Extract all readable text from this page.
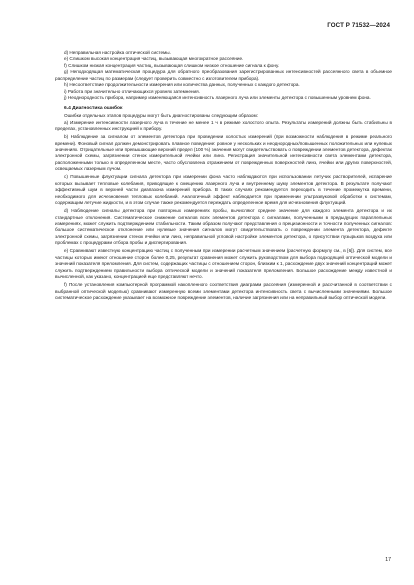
ГОСТ Р 71532—2024

d) Неправильная настройка оптической системы.

e) Слишком высокая концентрация частиц, вызывающая многократное рассеяние.

f) Слишком низкая концентрация частиц, вызывающая слишком низкое отношение сигнала к фону.

g) Неподходящая математическая процедура для обратного преобразования зарегистрированных интенсивностей рассеянного света в объемное распределение частиц по размерам (следует проверить совместно с изготовителем прибора).

h) Несоответствие продолжительности измерения или количества данных, полученных с каждого детектора.

i) Работа при значительно отличающихся уровнях затемнения.

j) Неоднородность прибора, например изменяющаяся интенсивность лазерного луча или элементы детектора с повышенным уровнем фона.

6.4 Диагностика ошибок

Ошибки отдельных этапов процедуры могут быть диагностированы следующим образом:

a) Измерение интенсивности лазерного луча в течение не менее 1 ч в режиме холостого опыта. Результаты измерений должны быть стабильны в пределах, установленных инструкцией к прибору.

b) Наблюдение за сигналом от элементов детектора при проведении холостых измерений (при возможности наблюдения в режиме реального времени). Фоновый сигнал должен демонстрировать плавное поведение: ровное у нескольких и неоднородных/повышенных положительных или нулевых значениях. Отрицательные или превышающие верхний предел (100 %) значения могут свидетельствовать о повреждении элементов детектора, дефектах электронной схемы, загрязнении стенок измерительной ячейки или линз. Регистрация значительной интенсивности света элементами детектора, расположенными только в определенном месте, часто обусловлена отражением от поврежденных поверхностей линз, ячейки или других поверхностей, освещаемых лазерным лучом.

c) Повышенные флуктуации сигнала детектора при измерении фона часто наблюдаются при использовании летучих растворителей, испарение которых вызывает тепловые колебания, приводящие к смещению лазерного луча и внутреннему шуму элементов детектора. В результате получают эффективный шум в верхней части диапазона измерений прибора. В таких случаях рекомендуется переходить в течение промежутка времени, необходимого для исчезновения тепловых колебаний. Аналогичный эффект наблюдается при применении ультразвуковой обработки к системам, содержащим летучие жидкости, и в этом случае также рекомендуется переждать определенное время для исчезновения флуктуаций.

d) Наблюдение сигналы детектора при повторных измерениях пробы, вычисляют среднее значение для каждого элемента детектора и их стандартные отклонения. Систематическое снижение сигналов всех элементов детектора с сигналами, полученными в предыдущих параллельных измерениях, может служить подтверждением стабильности. Таким образом получают представления о прецизионности и точности полученных сигналов: большое систематическое отклонение или нулевые значения сигналов могут свидетельствовать о повреждении элемента детектора, дефекте электронной схемы, загрязнении стенок ячейки или линз, неправильной угловой настройке элементов детектора, о присутствии пузырьков воздуха или проблемах с процедурами отбора пробы и диспергирования.

e) Сравнивают известную концентрацию частиц с полученным при измерении расчетным значением (расчетную формулу см., в [6]). Для систем, все частицы которых имеют отношение сторон более 0,25, результат сравнения может служить руководством для выбора подходящей оптической модели и значений показателя преломления. Для систем, содержащих частицы с отношением сторон, близким к 1, расхождение двух значений концентраций может служить подтверждением правильности выбора оптической модели и значений показателя преломления. Большое расхождение между известной и вычисленной, как указано, концентрацией еще представляют нечто.

f) После установления компьютерной программой накопленного соответствия диаграмм рассеяния (измеренной и рассчитанной в соответствии с выбранной оптической моделью) сравнивают измеренную всеми элементами детектора интенсивность света с вычисленными значениями. Большое систематическое расхождение указывает на возможное повреждение элементов, наличие загрязнения или на неправильный выбор оптической модели.

17
